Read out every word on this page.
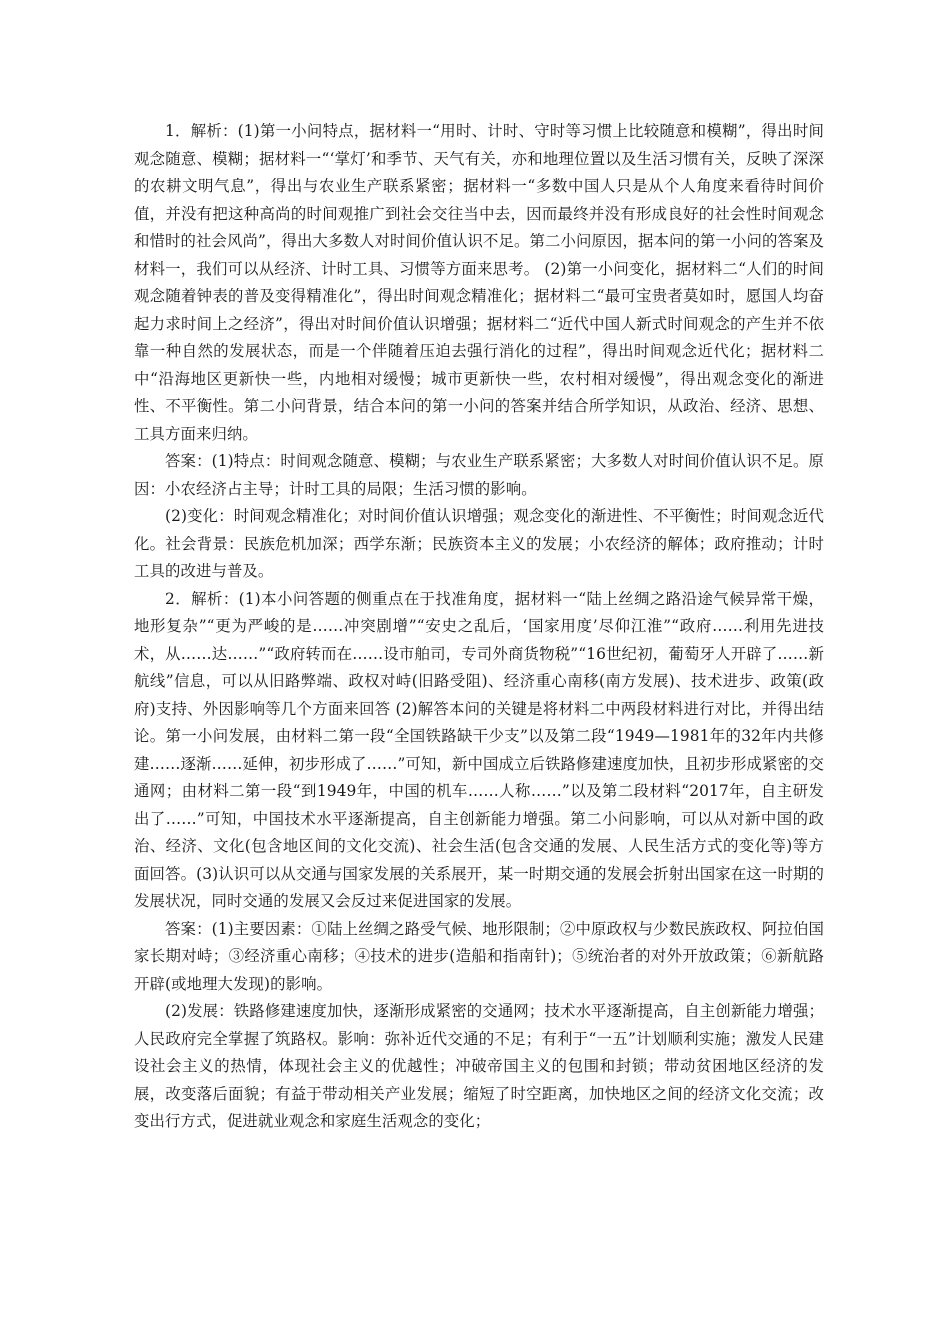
1．解析：(1)第一小问特点，据材料一“用时、计时、守时等习惯上比较随意和模糊”，得出时间观念随意、模糊；据材料一“‘掌灯’和季节、天气有关，亦和地理位置以及生活习惯有关，反映了深深的农耕文明气息”，得出与农业生产联系紧密；据材料一“多数中国人只是从个人角度来看待时间价值，并没有把这种高尚的时间观推广到社会交往当中去，因而最终并没有形成良好的社会性时间观念和惜时的社会风尚”，得出大多数人对时间价值认识不足。第二小问原因，据本问的第一小问的答案及材料一，我们可以从经济、计时工具、习惯等方面来思考。 (2)第一小问变化，据材料二“人们的时间观念随着钟表的普及变得精准化”，得出时间观念精准化；据材料二“最可宝贵者莫如时，愿国人均奋起力求时间上之经济”，得出对时间价值认识增强；据材料二“近代中国人新式时间观念的产生并不依靠一种自然的发展状态，而是一个伴随着压迫去强行消化的过程”，得出时间观念近代化；据材料二中“沿海地区更新快一些，内地相对缓慢；城市更新快一些，农村相对缓慢”，得出观念变化的渐进性、不平衡性。第二小问背景，结合本问的第一小问的答案并结合所学知识，从政治、经济、思想、工具方面来归纳。

答案：(1)特点：时间观念随意、模糊；与农业生产联系紧密；大多数人对时间价值认识不足。原因：小农经济占主导；计时工具的局限；生活习惯的影响。

(2)变化：时间观念精准化；对时间价值认识增强；观念变化的渐进性、不平衡性；时间观念近代化。社会背景：民族危机加深；西学东渐；民族资本主义的发展；小农经济的解体；政府推动；计时工具的改进与普及。

2．解析：(1)本小问答题的侧重点在于找准角度，据材料一“陆上丝绸之路沿途气候异常干燥，地形复杂”“更为严峻的是……冲突剧增”“安史之乱后，‘国家用度’尽仰江淮”“政府……利用先进技术，从……达……”“政府转而在……设市舶司，专司外商货物税”“16世纪初，葡萄牙人开辟了……新航线”信息，可以从旧路弊端、政权对峙(旧路受阻)、经济重心南移(南方发展)、技术进步、政策(政府)支持、外因影响等几个方面来回答 (2)解答本问的关键是将材料二中两段材料进行对比，并得出结论。第一小问发展，由材料二第一段“全国铁路缺干少支”以及第二段“1949—1981年的32年内共修建……逐渐……延伸，初步形成了……”可知，新中国成立后铁路修建速度加快，且初步形成紧密的交通网；由材料二第一段“到1949年，中国的机车……人称……”以及第二段材料“2017年，自主研发出了……”可知，中国技术水平逐渐提高，自主创新能力增强。第二小问影响，可以从对新中国的政治、经济、文化(包含地区间的文化交流)、社会生活(包含交通的发展、人民生活方式的变化等)等方面回答。(3)认识可以从交通与国家发展的关系展开，某一时期交通的发展会折射出国家在这一时期的发展状况，同时交通的发展又会反过来促进国家的发展。

答案：(1)主要因素：①陆上丝绸之路受气候、地形限制；②中原政权与少数民族政权、阿拉伯国家长期对峙；③经济重心南移；④技术的进步(造船和指南针)；⑤统治者的对外开放政策；⑥新航路开辟(或地理大发现)的影响。

(2)发展：铁路修建速度加快，逐渐形成紧密的交通网；技术水平逐渐提高，自主创新能力增强；人民政府完全掌握了筑路权。影响：弥补近代交通的不足；有利于“一五”计划顺利实施；激发人民建设社会主义的热情，体现社会主义的优越性；冲破帝国主义的包围和封锁；带动贫困地区经济的发展，改变落后面貌；有益于带动相关产业发展；缩短了时空距离，加快地区之间的经济文化交流；改变出行方式，促进就业观念和家庭生活观念的变化；
